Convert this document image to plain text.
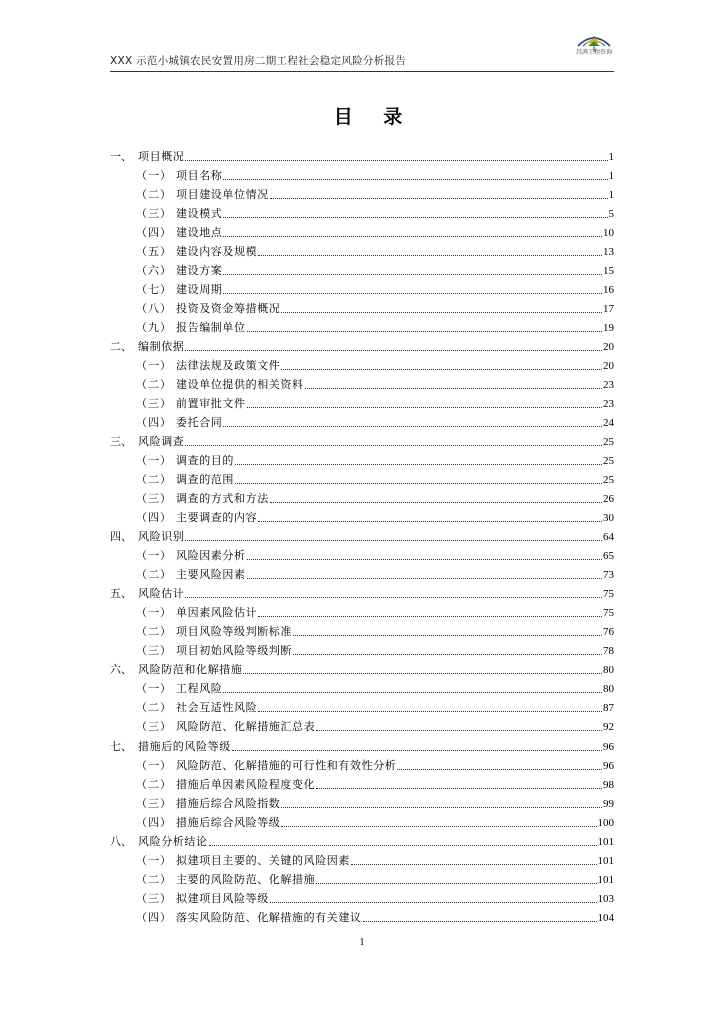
XXX 示范小城镇农民安置用房二期工程社会稳定风险分析报告
昌鸿工程咨询
目 录
一、 项目概况	1
（一） 项目名称	1
（二） 项目建设单位情况	1
（三） 建设模式	5
（四） 建设地点	10
（五） 建设内容及规模	13
（六） 建设方案	15
（七） 建设周期	16
（八） 投资及资金筹措概况	17
（九） 报告编制单位	19
二、 编制依据	20
（一） 法律法规及政策文件	20
（二） 建设单位提供的相关资料	23
（三） 前置审批文件	23
（四） 委托合同	24
三、 风险调查	25
（一） 调查的目的	25
（二） 调查的范围	25
（三） 调查的方式和方法	26
（四） 主要调查的内容	30
四、 风险识别	64
（一） 风险因素分析	65
（二） 主要风险因素	73
五、 风险估计	75
（一） 单因素风险估计	75
（二） 项目风险等级判断标准	76
（三） 项目初始风险等级判断	78
六、 风险防范和化解措施	80
（一） 工程风险	80
（二） 社会互适性风险	87
（三） 风险防范、化解措施汇总表	92
七、 措施后的风险等级	96
（一） 风险防范、化解措施的可行性和有效性分析	96
（二） 措施后单因素风险程度变化	98
（三） 措施后综合风险指数	99
（四） 措施后综合风险等级	100
八、 风险分析结论	101
（一） 拟建项目主要的、关键的风险因素	101
（二） 主要的风险防范、化解措施	101
（三） 拟建项目风险等级	103
（四） 落实风险防范、化解措施的有关建议	104
1
